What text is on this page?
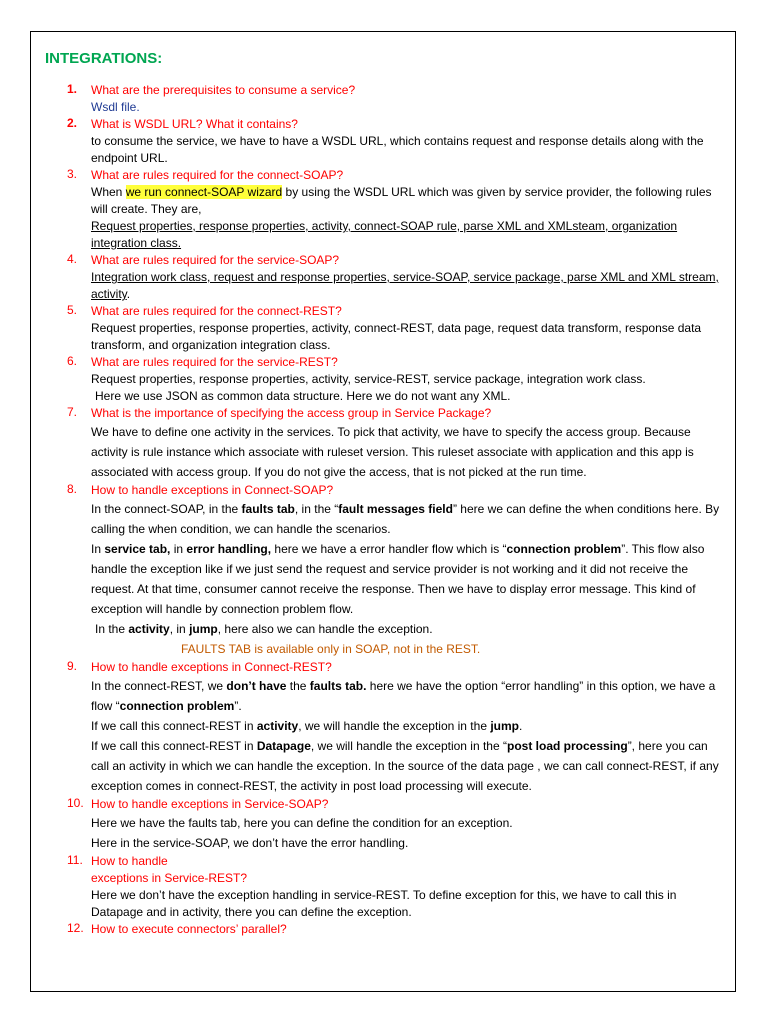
INTEGRATIONS:
1. What are the prerequisites to consume a service?
Wsdl file.
2. What is WSDL URL? What it contains?
to consume the service, we have to have a WSDL URL, which contains request and response details along with the endpoint URL.
3. What are rules required for the connect-SOAP?
When we run connect-SOAP wizard by using the WSDL URL which was given by service provider, the following rules will create. They are,
Request properties, response properties, activity, connect-SOAP rule, parse XML and XMLsteam, organization integration class.
4. What are rules required for the service-SOAP?
Integration work class, request and response properties, service-SOAP, service package, parse XML and XML stream, activity.
5. What are rules required for the connect-REST?
Request properties, response properties, activity, connect-REST, data page, request data transform, response data transform, and organization integration class.
6. What are rules required for the service-REST?
Request properties, response properties, activity, service-REST, service package, integration work class.
Here we use JSON as common data structure. Here we do not want any XML.
7. What is the importance of specifying the access group in Service Package?
We have to define one activity in the services. To pick that activity, we have to specify the access group. Because activity is rule instance which associate with ruleset version. This ruleset associate with application and this app is associated with access group. If you do not give the access, that is not picked at the run time.
8. How to handle exceptions in Connect-SOAP?
In the connect-SOAP, in the faults tab, in the “fault messages field” here we can define the when conditions here. By calling the when condition, we can handle the scenarios.
In service tab, in error handling, here we have a error handler flow which is “connection problem”. This flow also handle the exception like if we just send the request and service provider is not working and it did not receive the request. At that time, consumer cannot receive the response. Then we have to display error message. This kind of exception will handle by connection problem flow.
In the activity, in jump, here also we can handle the exception.
FAULTS TAB is available only in SOAP, not in the REST.
9. How to handle exceptions in Connect-REST?
In the connect-REST, we don’t have the faults tab. here we have the option “error handling” in this option, we have a flow “connection problem”.
If we call this connect-REST in activity, we will handle the exception in the jump.
If we call this connect-REST in Datapage, we will handle the exception in the “post load processing”, here you can call an activity in which we can handle the exception. In the source of the data page , we can call connect-REST, if any exception comes in connect-REST, the activity in post load processing will execute.
10. How to handle exceptions in Service-SOAP?
Here we have the faults tab, here you can define the condition for an exception.
Here in the service-SOAP, we don’t have the error handling.
11. How to handle
exceptions in Service-REST?
Here we don’t have the exception handling in service-REST. To define exception for this, we have to call this in Datapage and in activity, there you can define the exception.
12. How to execute connectors’ parallel?
